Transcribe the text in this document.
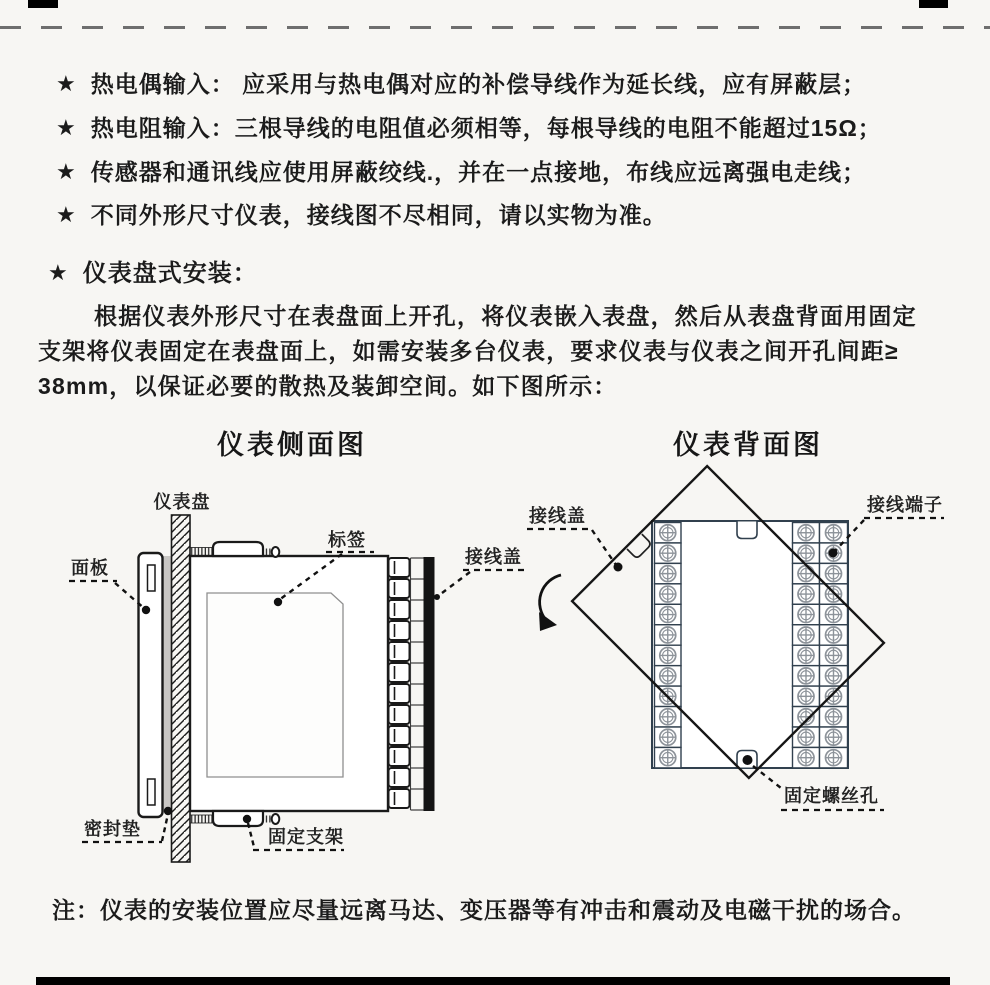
★ 热电偶输入： 应采用与热电偶对应的补偿导线作为延长线，应有屏蔽层；
★ 热电阻输入：三根导线的电阻值必须相等，每根导线的电阻不能超过15Ω；
★ 传感器和通讯线应使用屏蔽绞线.，并在一点接地，布线应远离强电走线；
★ 不同外形尺寸仪表，接线图不尽相同，请以实物为准。
★ 仪表盘式安装：
根据仪表外形尺寸在表盘面上开孔，将仪表嵌入表盘，然后从表盘背面用固定
支架将仪表固定在表盘面上，如需安装多台仪表，要求仪表与仪表之间开孔间距≥
38mm，以保证必要的散热及装卸空间。如下图所示：
仪表侧面图
仪表盘
面板
标签
接线盖
密封垫	固定支架
仪表背面图
接线盖
接线端子
固定螺丝孔
注：仪表的安装位置应尽量远离马达、变压器等有冲击和震动及电磁干扰的场合。
